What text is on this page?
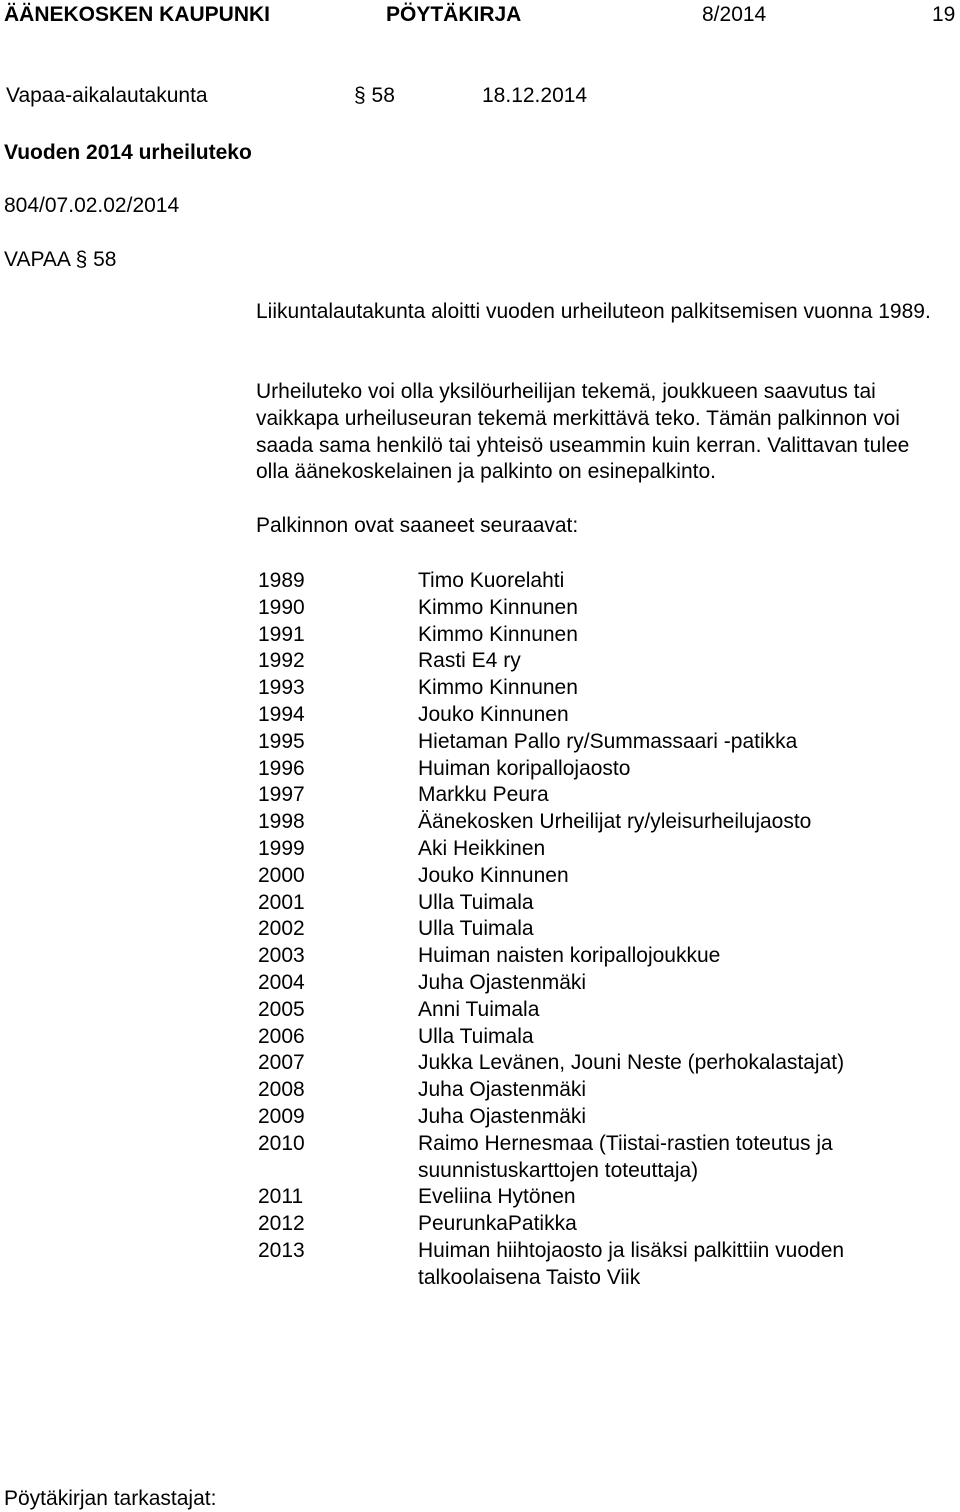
ÄÄNEKOSKEN KAUPUNKI	PÖYTÄKIRJA	8/2014	19
Vapaa-aikalautakunta	§ 58	18.12.2014
Vuoden 2014 urheiluteko
804/07.02.02/2014
VAPAA § 58

Liikuntalautakunta aloitti vuoden urheiluteon palkitsemisen vuonna 1989.

Urheiluteko voi olla yksilöurheilijan tekemä, joukkueen saavutus tai vaikkapa urheiluseuran tekemä merkittävä teko. Tämän palkinnon voi saada sama henkilö tai yhteisö useammin kuin kerran. Valittavan tulee olla äänekoskelainen ja palkinto on esinepalkinto.

Palkinnon ovat saaneet seuraavat:

1989	Timo Kuorelahti
1990	Kimmo Kinnunen
1991	Kimmo Kinnunen
1992	Rasti E4 ry
1993	Kimmo Kinnunen
1994	Jouko Kinnunen
1995	Hietaman Pallo ry/Summassaari -patikka
1996	Huiman koripallojaosto
1997	Markku Peura
1998	Äänekosken Urheilijat ry/yleisurheilujaosto
1999	Aki Heikkinen
2000	Jouko Kinnunen
2001	Ulla Tuimala
2002	Ulla Tuimala
2003	Huiman naisten koripallojoukkue
2004	Juha Ojastenmäki
2005	Anni Tuimala
2006	Ulla Tuimala
2007	Jukka Levänen, Jouni Neste (perhokalastajat)
2008	Juha Ojastenmäki
2009	Juha Ojastenmäki
2010	Raimo Hernesmaa (Tiistai-rastien toteutus ja suunnistuskarttojen toteuttaja)
2011	Eveliina Hytönen
2012	PeurunkaPatikka
2013	Huiman hiihtojaosto ja lisäksi palkittiin vuoden talkoolaisena Taisto Viik
Pöytäkirjan tarkastajat:
